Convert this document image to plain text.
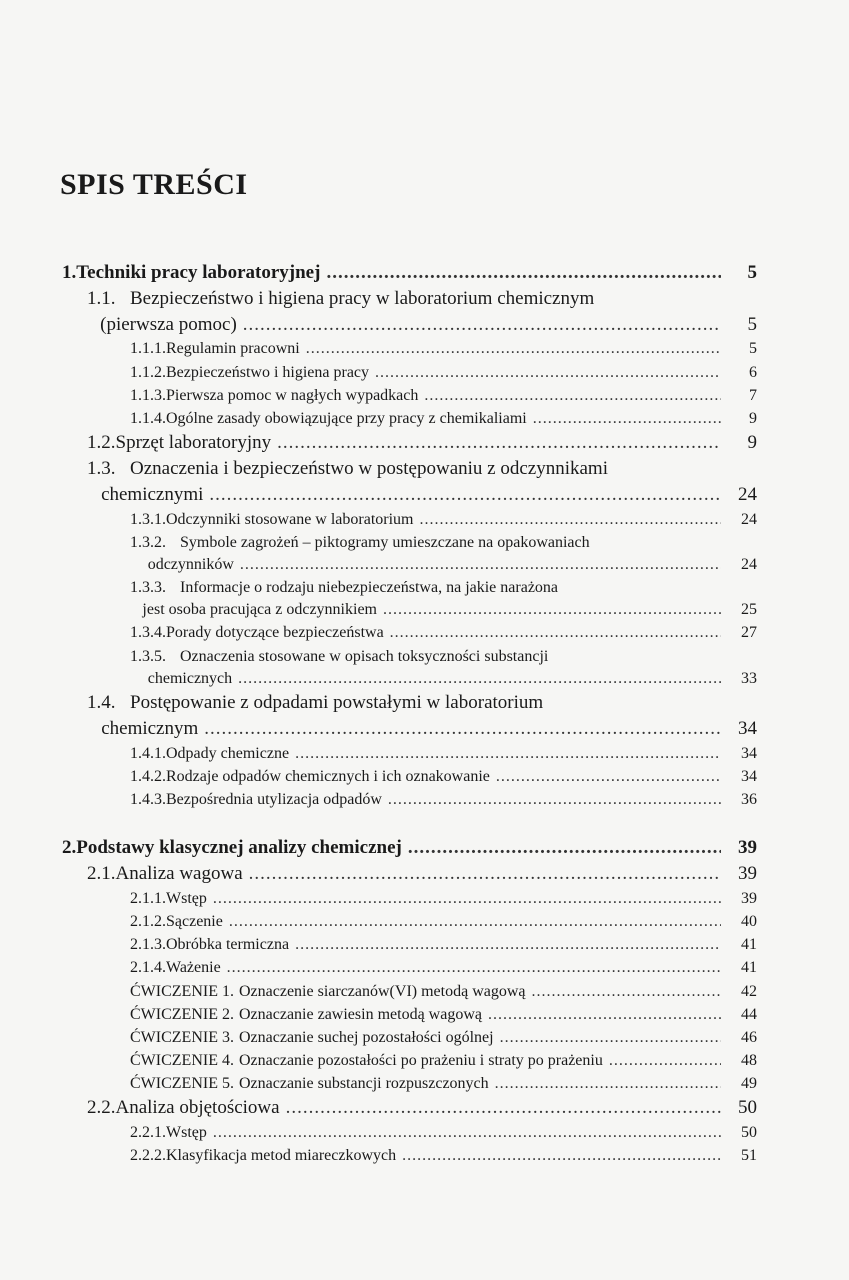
SPIS TREŚCI
1. Techniki pracy laboratoryjnej .....	5
1.1. Bezpieczeństwo i higiena pracy w laboratorium chemicznym
(pierwsza pomoc) .....	5
1.1.1. Regulamin pracowni .....	5
1.1.2. Bezpieczeństwo i higiena pracy .....	6
1.1.3. Pierwsza pomoc w nagłych wypadkach .....	7
1.1.4. Ogólne zasady obowiązujące przy pracy z chemikaliami .....	9
1.2. Sprzęt laboratoryjny .....	9
1.3. Oznaczenia i bezpieczeństwo w postępowaniu z odczynnikami
chemicznymi .....	24
1.3.1. Odczynniki stosowane w laboratorium .....	24
1.3.2. Symbole zagrożeń – piktogramy umieszczane na opakowaniach
odczynników .....	24
1.3.3. Informacje o rodzaju niebezpieczeństwa, na jakie narażona
jest osoba pracująca z odczynnikiem .....	25
1.3.4. Porady dotyczące bezpieczeństwa .....	27
1.3.5. Oznaczenia stosowane w opisach toksyczności substancji
chemicznych .....	33
1.4. Postępowanie z odpadami powstałymi w laboratorium
chemicznym .....	34
1.4.1. Odpady chemiczne .....	34
1.4.2. Rodzaje odpadów chemicznych i ich oznakowanie .....	34
1.4.3. Bezpośrednia utylizacja odpadów .....	36
2. Podstawy klasycznej analizy chemicznej .....	39
2.1. Analiza wagowa .....	39
2.1.1. Wstęp .....	39
2.1.2. Sączenie .....	40
2.1.3. Obróbka termiczna .....	41
2.1.4. Ważenie .....	41
ĆWICZENIE 1. Oznaczenie siarczanów(VI) metodą wagową .....	42
ĆWICZENIE 2. Oznaczanie zawiesin metodą wagową .....	44
ĆWICZENIE 3. Oznaczanie suchej pozostałości ogólnej .....	46
ĆWICZENIE 4. Oznaczanie pozostałości po prażeniu i straty po prażeniu .....	48
ĆWICZENIE 5. Oznaczanie substancji rozpuszczonych .....	49
2.2. Analiza objętościowa .....	50
2.2.1. Wstęp .....	50
2.2.2. Klasyfikacja metod miareczkowych .....	51
